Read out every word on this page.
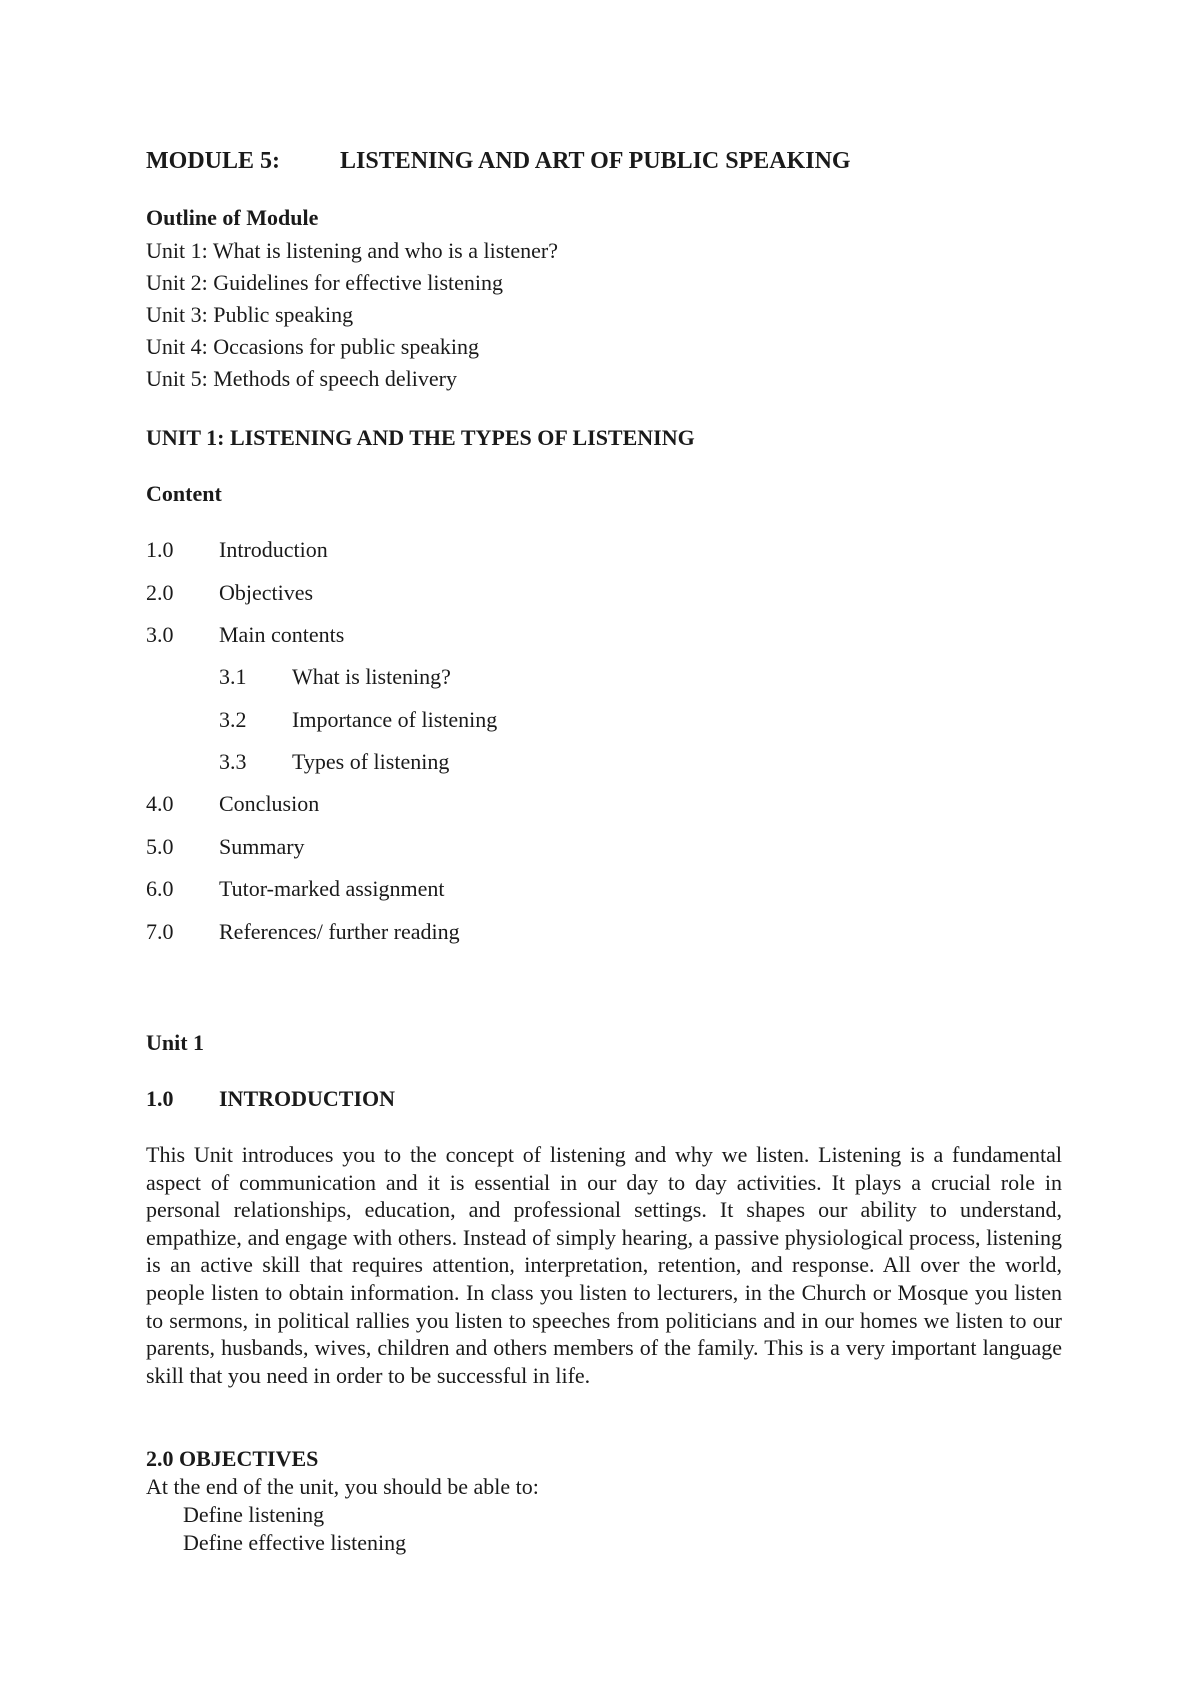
MODULE 5:	LISTENING AND ART OF PUBLIC SPEAKING
Outline of Module
Unit 1: What is listening and who is a listener?
Unit 2: Guidelines for effective listening
Unit 3: Public speaking
Unit 4: Occasions for public speaking
Unit 5: Methods of speech delivery
UNIT 1: LISTENING AND THE TYPES OF LISTENING
Content
1.0 Introduction
2.0 Objectives
3.0 Main contents
3.1 What is listening?
3.2 Importance of listening
3.3 Types of listening
4.0 Conclusion
5.0 Summary
6.0 Tutor-marked assignment
7.0 References/ further reading
Unit 1
1.0 INTRODUCTION
This Unit introduces you to the concept of listening and why we listen. Listening is a fundamental aspect of communication and it is essential in our day to day activities. It plays a crucial role in personal relationships, education, and professional settings. It shapes our ability to understand, empathize, and engage with others. Instead of simply hearing, a passive physiological process, listening is an active skill that requires attention, interpretation, retention, and response. All over the world, people listen to obtain information. In class you listen to lecturers, in the Church or Mosque you listen to sermons, in political rallies you listen to speeches from politicians and in our homes we listen to our parents, husbands, wives, children and others members of the family. This is a very important language skill that you need in order to be successful in life.
2.0 OBJECTIVES
At the end of the unit, you should be able to:
Define listening
Define effective listening
